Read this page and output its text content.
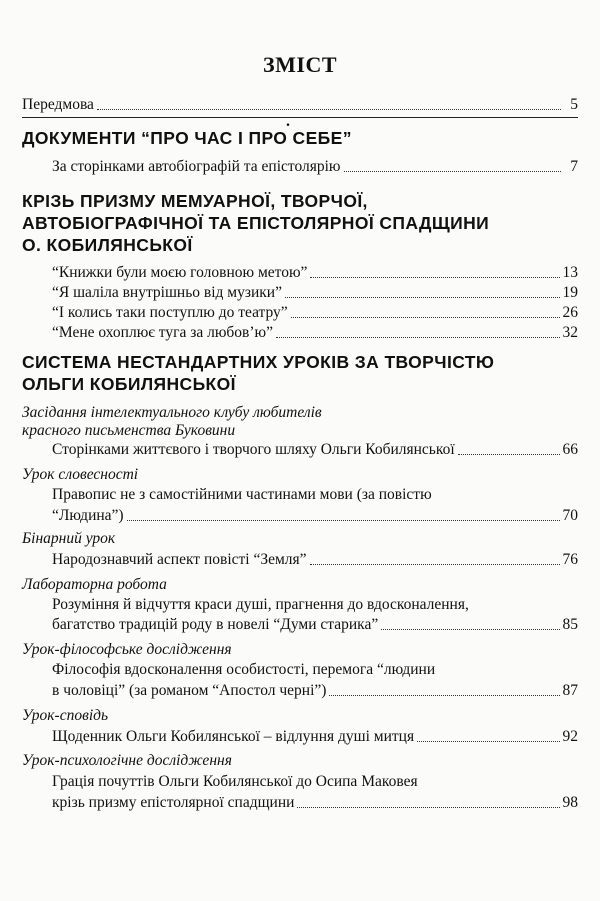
ЗМІСТ
Передмова	5
.
ДОКУМЕНТИ “ПРО ЧАС І ПРО СЕБЕ”
За сторінками автобіографій та епістолярію	7
КРІЗЬ ПРИЗМУ МЕМУАРНОЇ, ТВОРЧОЇ,
АВТОБІОГРАФІЧНОЇ ТА ЕПІСТОЛЯРНОЇ СПАДЩИНИ
О. КОБИЛЯНСЬКОЇ
“Книжки були моєю головною метою”	13
“Я шаліла внутрішньо від музики”	19
“І колись таки поступлю до театру”	26
“Мене охоплює туга за любов’ю”	32
СИСТЕМА НЕСТАНДАРТНИХ УРОКІВ ЗА ТВОРЧІСТЮ
ОЛЬГИ КОБИЛЯНСЬКОЇ
Засідання інтелектуального клубу любителів
красного письменства Буковини
Сторінками життєвого і творчого шляху Ольги Кобилянської	66
Урок словесності
Правопис не з самостійними частинами мови (за повістю
“Людина”)	70
Бінарний урок
Народознавчий аспект повісті “Земля”	76
Лабораторна робота
Розуміння й відчуття краси душі, прагнення до вдосконалення,
багатство традицій роду в новелі “Думи старика”	85
Урок-філософське дослідження
Філософія вдосконалення особистості, перемога “людини
в чоловіці” (за романом “Апостол черні”)	87
Урок-сповідь
Щоденник Ольги Кобилянської – відлуння душі митця	92
Урок-психологічне дослідження
Грація почуттів Ольги Кобилянської до Осипа Маковея
крізь призму епістолярної спадщини	98
